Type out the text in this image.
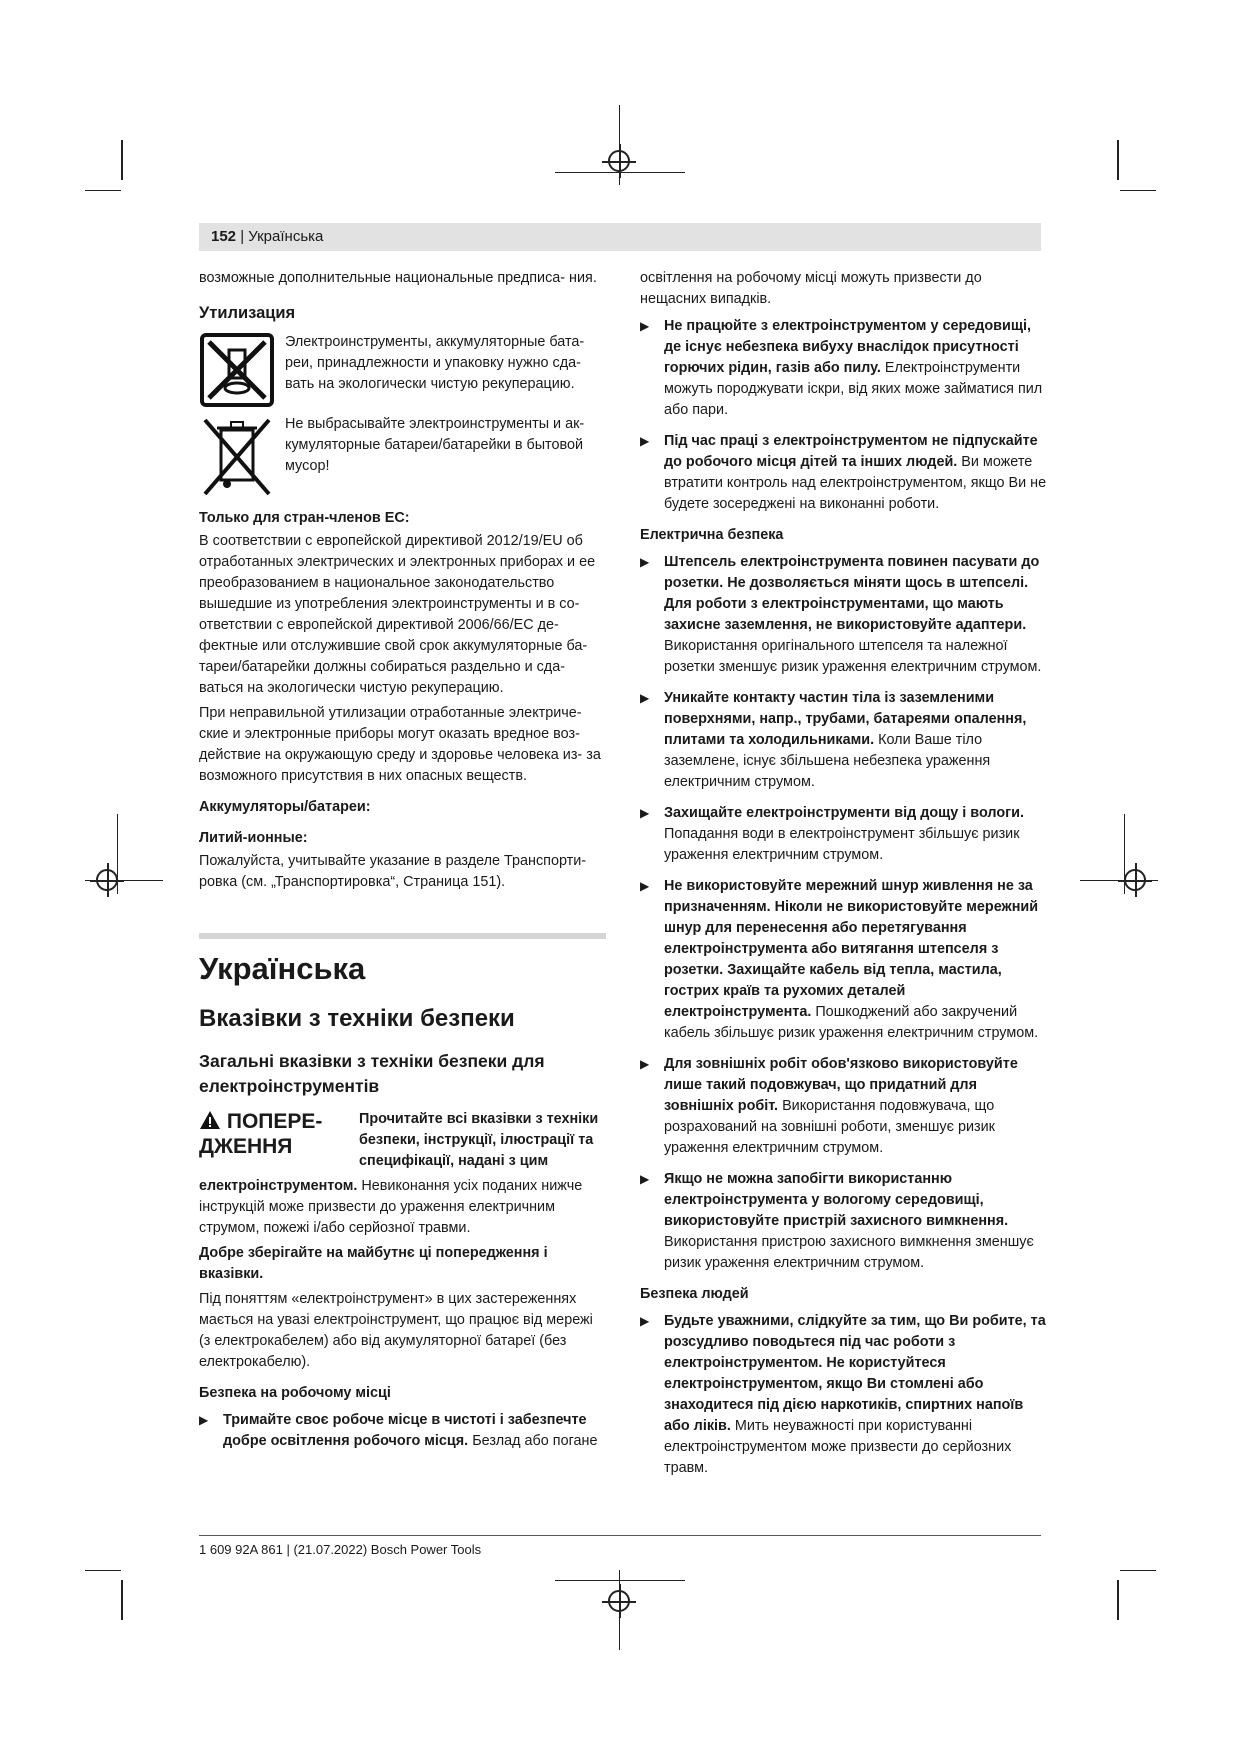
152 | Українська

возможные дополнительные национальные предписа- ния.

Утилизация

Электроинструменты, аккумуляторные бата- реи, принадлежности и упаковку нужно сда- вать на экологически чистую рекуперацию.

Не выбрасывайте электроинструменты и ак- кумуляторные батареи/батарейки в бытовой мусор!

Только для стран-членов ЕС:

В соответствии с европейской директивой 2012/19/EU об отработанных электрических и электронных приборах и ее преобразованием в национальное законодательство вышедшие из употребления электроинструменты и в со- ответствии с европейской директивой 2006/66/EC де- фектные или отслужившие свой срок аккумуляторные ба- тареи/батарейки должны собираться раздельно и сда- ваться на экологически чистую рекуперацию.

При неправильной утилизации отработанные электриче- ские и электронные приборы могут оказать вредное воз- действие на окружающую среду и здоровье человека из- за возможного присутствия в них опасных веществ.

Аккумуляторы/батареи:
Литий-ионные:

Пожалуйста, учитывайте указание в разделе Транспорти- ровка (см. „Транспортировка“, Страница 151).

Українська
Вказівки з техніки безпеки
Загальні вказівки з техніки безпеки для електроінструментів
ПОПЕРЕ- ДЖЕННЯ

Прочитайте всі вказівки з техніки безпеки, інструкції, ілюстрації та специфікації, надані з цим

електроінструментом. Невиконання усіх поданих нижче інструкцій може призвести до ураження електричним струмом, пожежі і/або серйозної травми.

Добре зберігайте на майбутнє ці попередження і вказівки.

Під поняттям «електроінструмент» в цих застереженнях мається на увазі електроінструмент, що працює від мережі (з електрокабелем) або від акумуляторної батареї (без електрокабелю).

Безпека на робочому місці
▶	Тримайте своє робоче місце в чистоті і забезпечте добре освітлення робочого місця. Безлад або погане

освітлення на робочому місці можуть призвести до нещасних випадків.

▶	Не працюйте з електроінструментом у середовищі, де існує небезпека вибуху внаслідок присутності горючих рідин, газів або пилу. Електроінструменти можуть породжувати іскри, від яких може займатися пил або пари.
▶	Під час праці з електроінструментом не підпускайте до робочого місця дітей та інших людей. Ви можете втратити контроль над електроінструментом, якщо Ви не будете зосереджені на виконанні роботи.
Електрична безпека
▶	Штепсель електроінструмента повинен пасувати до розетки. Не дозволяється міняти щось в штепселі. Для роботи з електроінструментами, що мають захисне заземлення, не використовуйте адаптери. Використання оригінального штепселя та належної розетки зменшує ризик ураження електричним струмом.
▶	Уникайте контакту частин тіла із заземленими поверхнями, напр., трубами, батареями опалення, плитами та холодильниками. Коли Ваше тіло заземлене, існує збільшена небезпека ураження електричним струмом.
▶	Захищайте електроінструменти від дощу і вологи. Попадання води в електроінструмент збільшує ризик ураження електричним струмом.
▶	Не використовуйте мережний шнур живлення не за призначенням. Ніколи не використовуйте мережний шнур для перенесення або перетягування електроінструмента або витягання штепселя з розетки. Захищайте кабель від тепла, мастила, гострих країв та рухомих деталей електроінструмента. Пошкоджений або закручений кабель збільшує ризик ураження електричним струмом.
▶	Для зовнішніх робіт обов'язково використовуйте лише такий подовжувач, що придатний для зовнішніх робіт. Використання подовжувача, що розрахований на зовнішні роботи, зменшує ризик ураження електричним струмом.
▶	Якщо не можна запобігти використанню електроінструмента у вологому середовищі, використовуйте пристрій захисного вимкнення. Використання пристрою захисного вимкнення зменшує ризик ураження електричним струмом.
Безпека людей
▶	Будьте уважними, слідкуйте за тим, що Ви робите, та розсудливо поводьтеся під час роботи з електроінструментом. Не користуйтеся електроінструментом, якщо Ви стомлені або знаходитеся під дією наркотиків, спиртних напоїв або ліків. Мить неуважності при користуванні електроінструментом може призвести до серйозних травм.
1 609 92A 861 | (21.07.2022) Bosch Power Tools
